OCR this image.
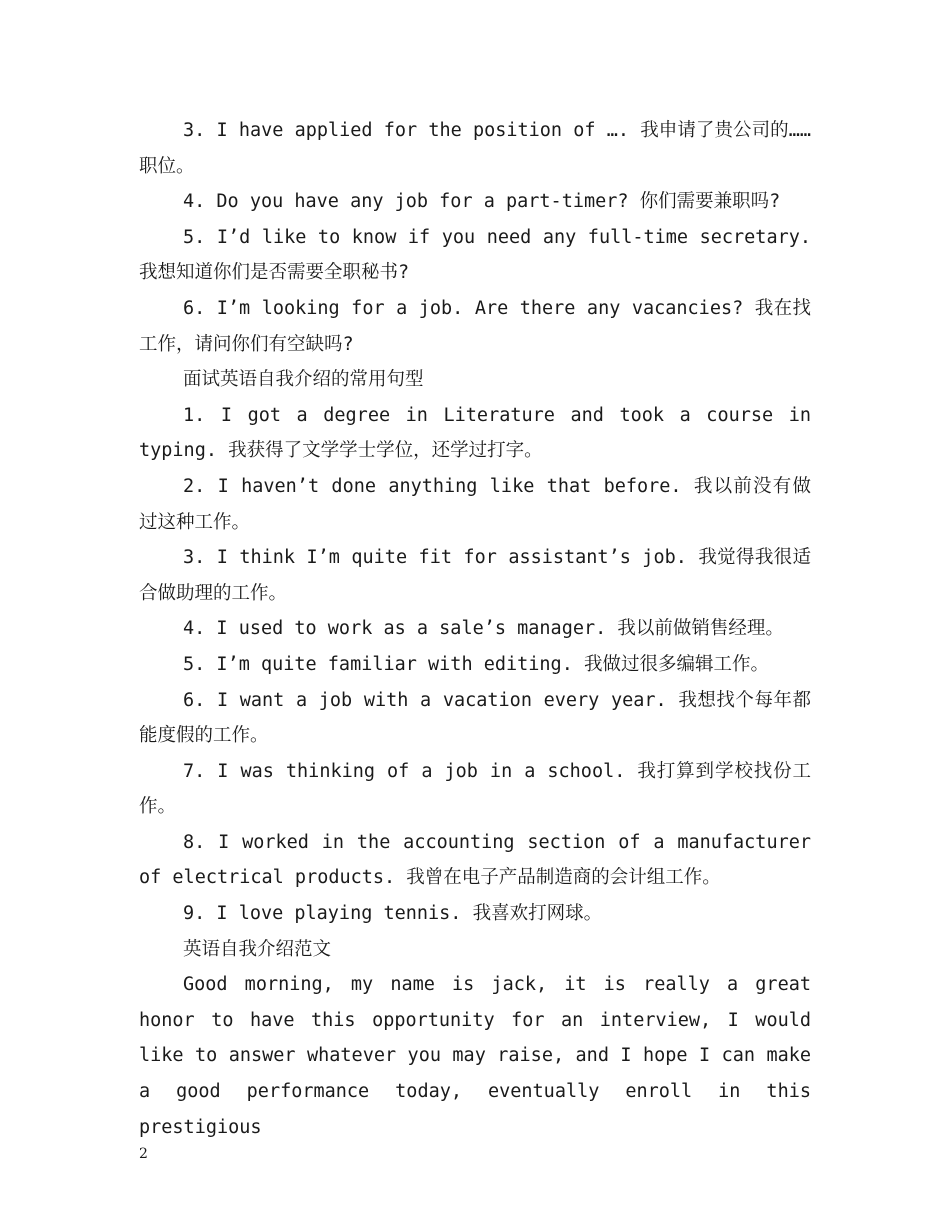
3. I have applied for the position of …. 我申请了贵公司的……职位。

4. Do you have any job for a part-timer? 你们需要兼职吗?

5. I’d like to know if you need any full-time secretary. 我想知道你们是否需要全职秘书?

6. I’m looking for a job. Are there any vacancies? 我在找工作，请问你们有空缺吗?

面试英语自我介绍的常用句型

1. I got a degree in Literature and took a course in typing. 我获得了文学学士学位，还学过打字。

2. I haven’t done anything like that before. 我以前没有做过这种工作。

3. I think I’m quite fit for assistant’s job. 我觉得我很适合做助理的工作。

4. I used to work as a sale’s manager. 我以前做销售经理。

5. I’m quite familiar with editing. 我做过很多编辑工作。

6. I want a job with a vacation every year. 我想找个每年都能度假的工作。

7. I was thinking of a job in a school. 我打算到学校找份工作。

8. I worked in the accounting section of a manufacturer of electrical products. 我曾在电子产品制造商的会计组工作。

9. I love playing tennis. 我喜欢打网球。

英语自我介绍范文

Good morning, my name is jack, it is really a great honor to have this opportunity for an interview, I would like to answer whatever you may raise, and I hope I can make a good performance today, eventually enroll in this prestigious

2
